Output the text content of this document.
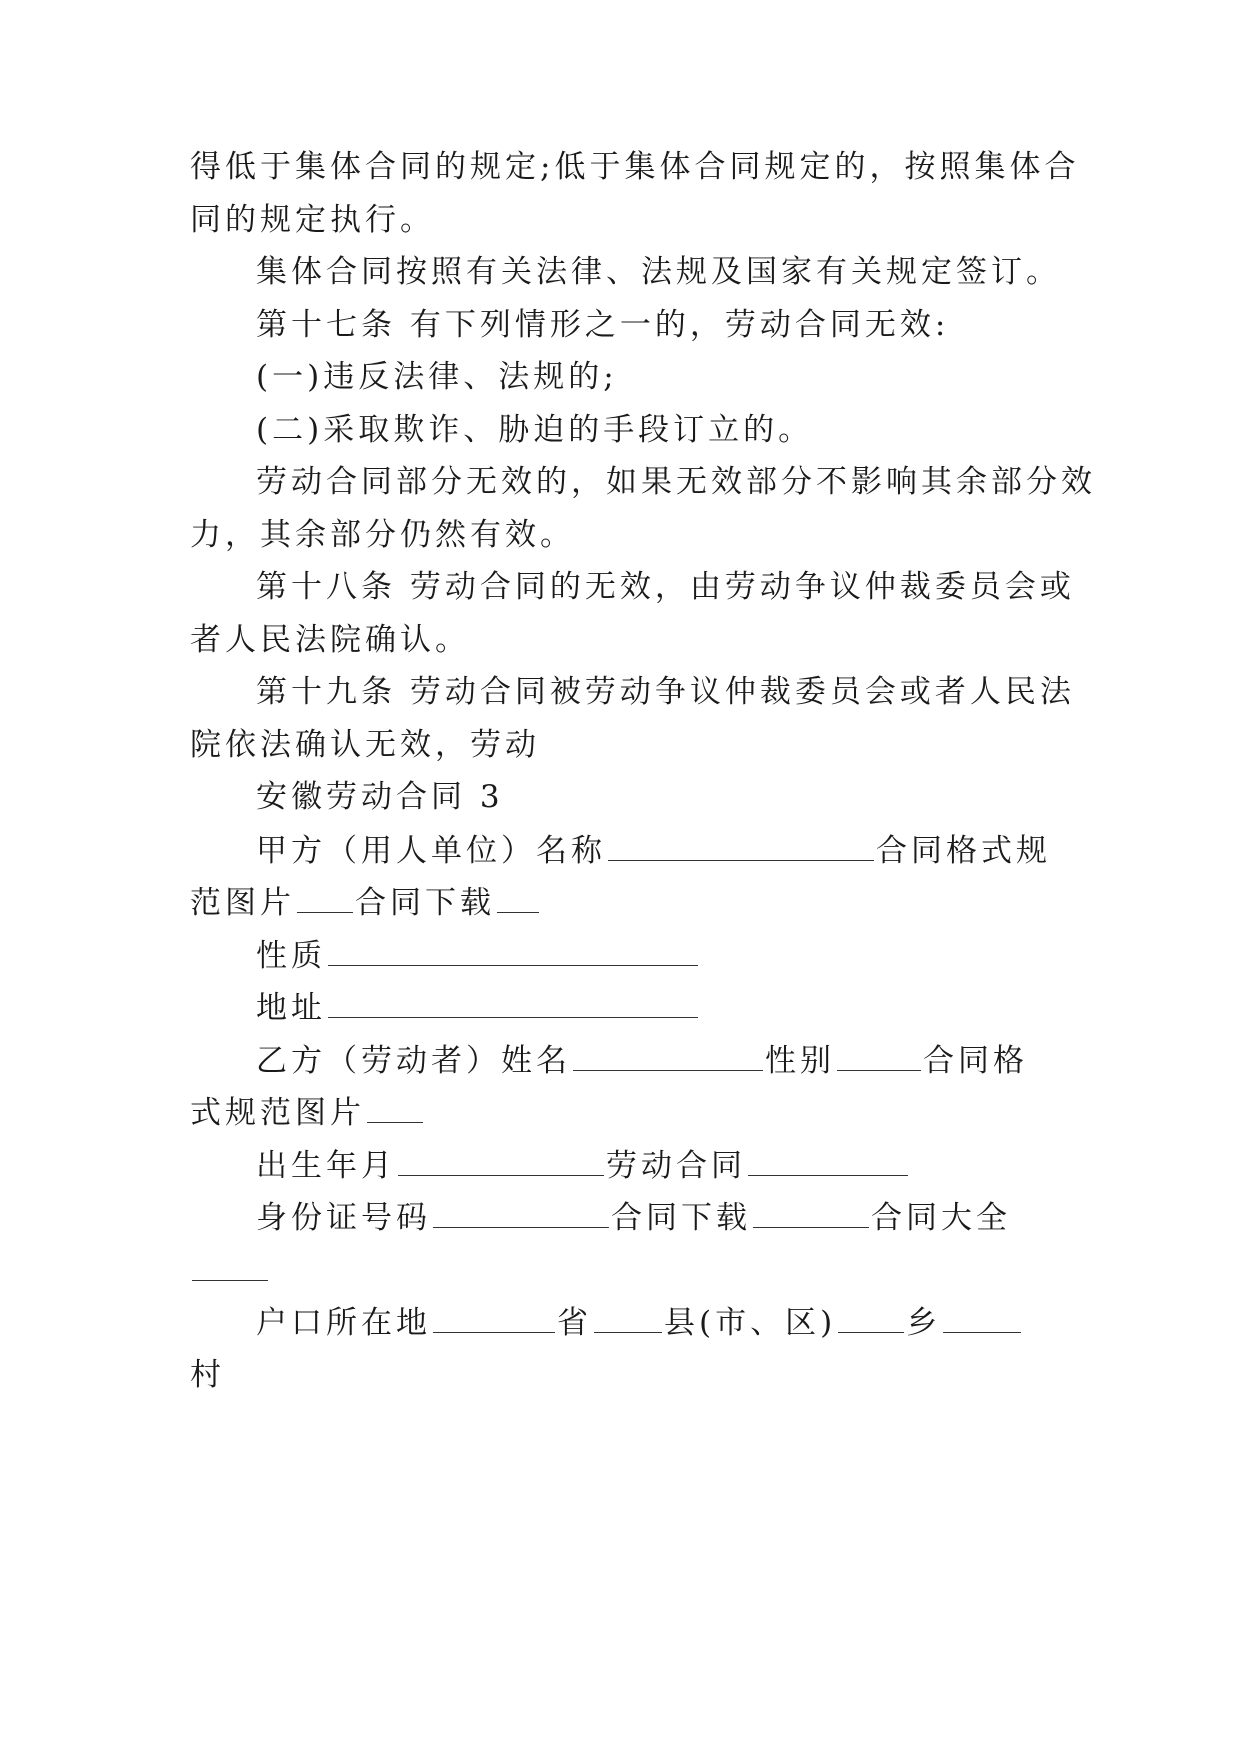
得低于集体合同的规定;低于集体合同规定的，按照集体合
同的规定执行。
集体合同按照有关法律、法规及国家有关规定签订。
第十七条 有下列情形之一的，劳动合同无效:
(一)违反法律、法规的;
(二)采取欺诈、胁迫的手段订立的。
劳动合同部分无效的，如果无效部分不影响其余部分效
力，其余部分仍然有效。
第十八条 劳动合同的无效，由劳动争议仲裁委员会或
者人民法院确认。
第十九条 劳动合同被劳动争议仲裁委员会或者人民法
院依法确认无效，劳动
安徽劳动合同 3
甲方（用人单位）名称	合同格式规
范图片 合同下载
性质
地址
乙方（劳动者）姓名	性别	合同格
式规范图片
出生年月	劳动合同
身份证号码	合同下载	合同大全
户口所在地	省 县(市、区) 乡
村
